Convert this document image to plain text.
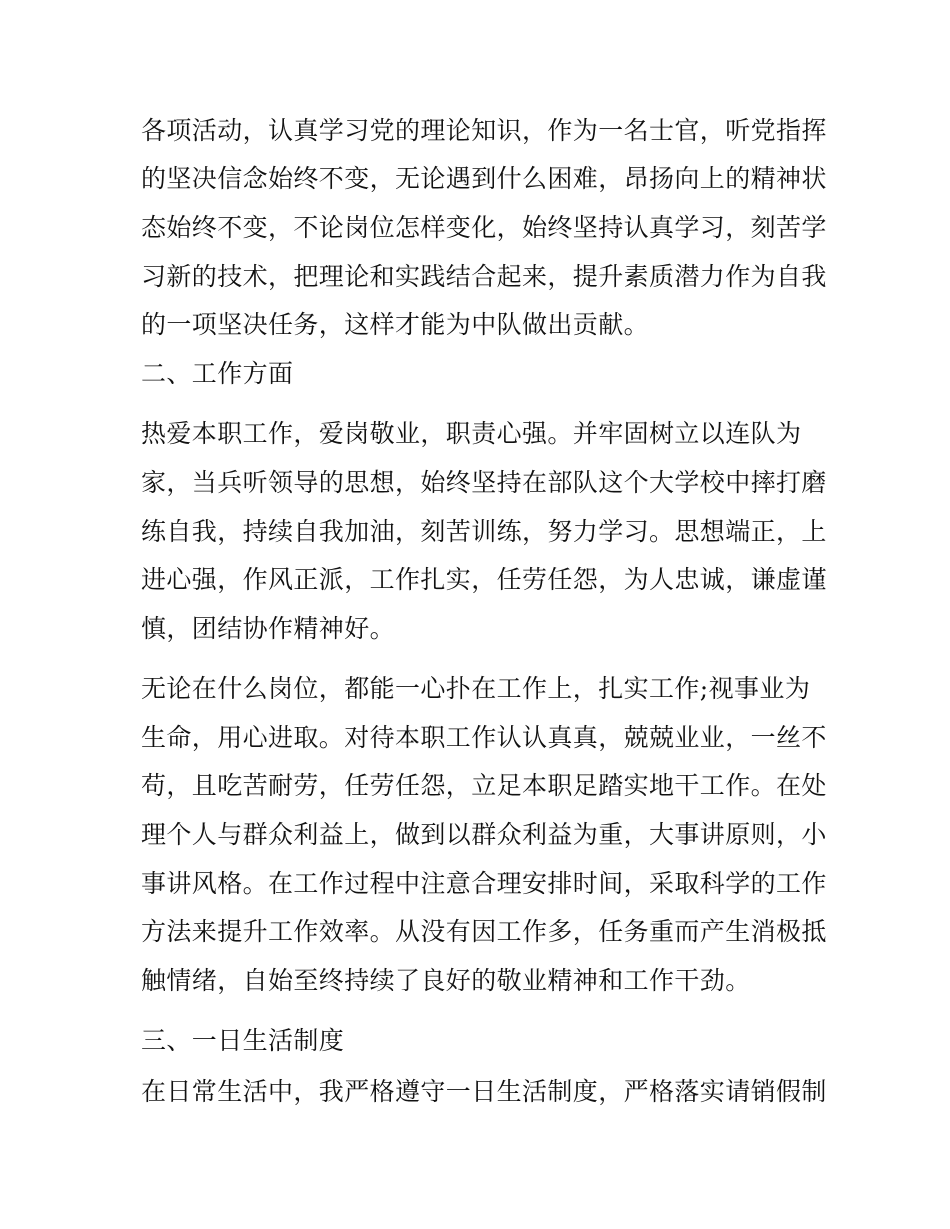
各项活动，认真学习党的理论知识，作为一名士官，听党指挥

的坚决信念始终不变，无论遇到什么困难，昂扬向上的精神状

态始终不变，不论岗位怎样变化，始终坚持认真学习，刻苦学

习新的技术，把理论和实践结合起来，提升素质潜力作为自我

的一项坚决任务，这样才能为中队做出贡献。

二、工作方面

热爱本职工作，爱岗敬业，职责心强。并牢固树立以连队为

家，当兵听领导的思想，始终坚持在部队这个大学校中摔打磨

练自我，持续自我加油，刻苦训练，努力学习。思想端正，上

进心强，作风正派，工作扎实，任劳任怨，为人忠诚，谦虚谨

慎，团结协作精神好。

无论在什么岗位，都能一心扑在工作上，扎实工作;视事业为

生命，用心进取。对待本职工作认认真真，兢兢业业，一丝不

苟，且吃苦耐劳，任劳任怨，立足本职足踏实地干工作。在处

理个人与群众利益上，做到以群众利益为重，大事讲原则，小

事讲风格。在工作过程中注意合理安排时间，采取科学的工作

方法来提升工作效率。从没有因工作多，任务重而产生消极抵

触情绪，自始至终持续了良好的敬业精神和工作干劲。

三、一日生活制度

在日常生活中，我严格遵守一日生活制度，严格落实请销假制
